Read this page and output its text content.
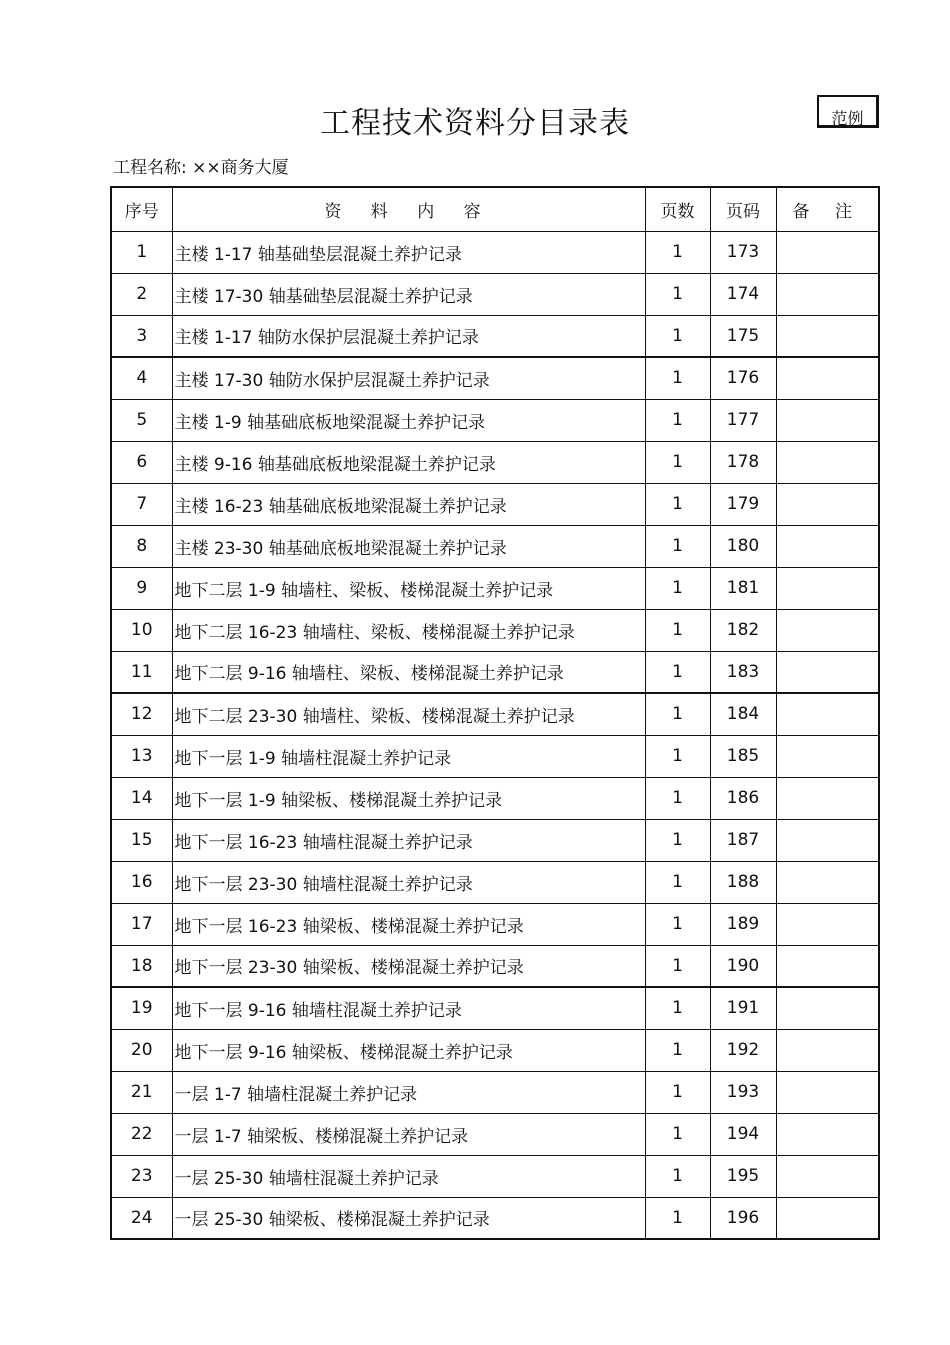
工程技术资料分目录表	范例
工程名称: ××商务大厦
序号	资 料 内 容	页数	页码	备 注
1	主楼 1-17 轴基础垫层混凝土养护记录	1	173	
2	主楼 17-30 轴基础垫层混凝土养护记录	1	174	
3	主楼 1-17 轴防水保护层混凝土养护记录	1	175	
4	主楼 17-30 轴防水保护层混凝土养护记录	1	176	
5	主楼 1-9 轴基础底板地梁混凝土养护记录	1	177	
6	主楼 9-16 轴基础底板地梁混凝土养护记录	1	178	
7	主楼 16-23 轴基础底板地梁混凝土养护记录	1	179	
8	主楼 23-30 轴基础底板地梁混凝土养护记录	1	180	
9	地下二层 1-9 轴墙柱、梁板、楼梯混凝土养护记录	1	181	
10	地下二层 16-23 轴墙柱、梁板、楼梯混凝土养护记录	1	182	
11	地下二层 9-16 轴墙柱、梁板、楼梯混凝土养护记录	1	183	
12	地下二层 23-30 轴墙柱、梁板、楼梯混凝土养护记录	1	184	
13	地下一层 1-9 轴墙柱混凝土养护记录	1	185	
14	地下一层 1-9 轴梁板、楼梯混凝土养护记录	1	186	
15	地下一层 16-23 轴墙柱混凝土养护记录	1	187	
16	地下一层 23-30 轴墙柱混凝土养护记录	1	188	
17	地下一层 16-23 轴梁板、楼梯混凝土养护记录	1	189	
18	地下一层 23-30 轴梁板、楼梯混凝土养护记录	1	190	
19	地下一层 9-16 轴墙柱混凝土养护记录	1	191	
20	地下一层 9-16 轴梁板、楼梯混凝土养护记录	1	192	
21	一层 1-7 轴墙柱混凝土养护记录	1	193	
22	一层 1-7 轴梁板、楼梯混凝土养护记录	1	194	
23	一层 25-30 轴墙柱混凝土养护记录	1	195	
24	一层 25-30 轴梁板、楼梯混凝土养护记录	1	196	
